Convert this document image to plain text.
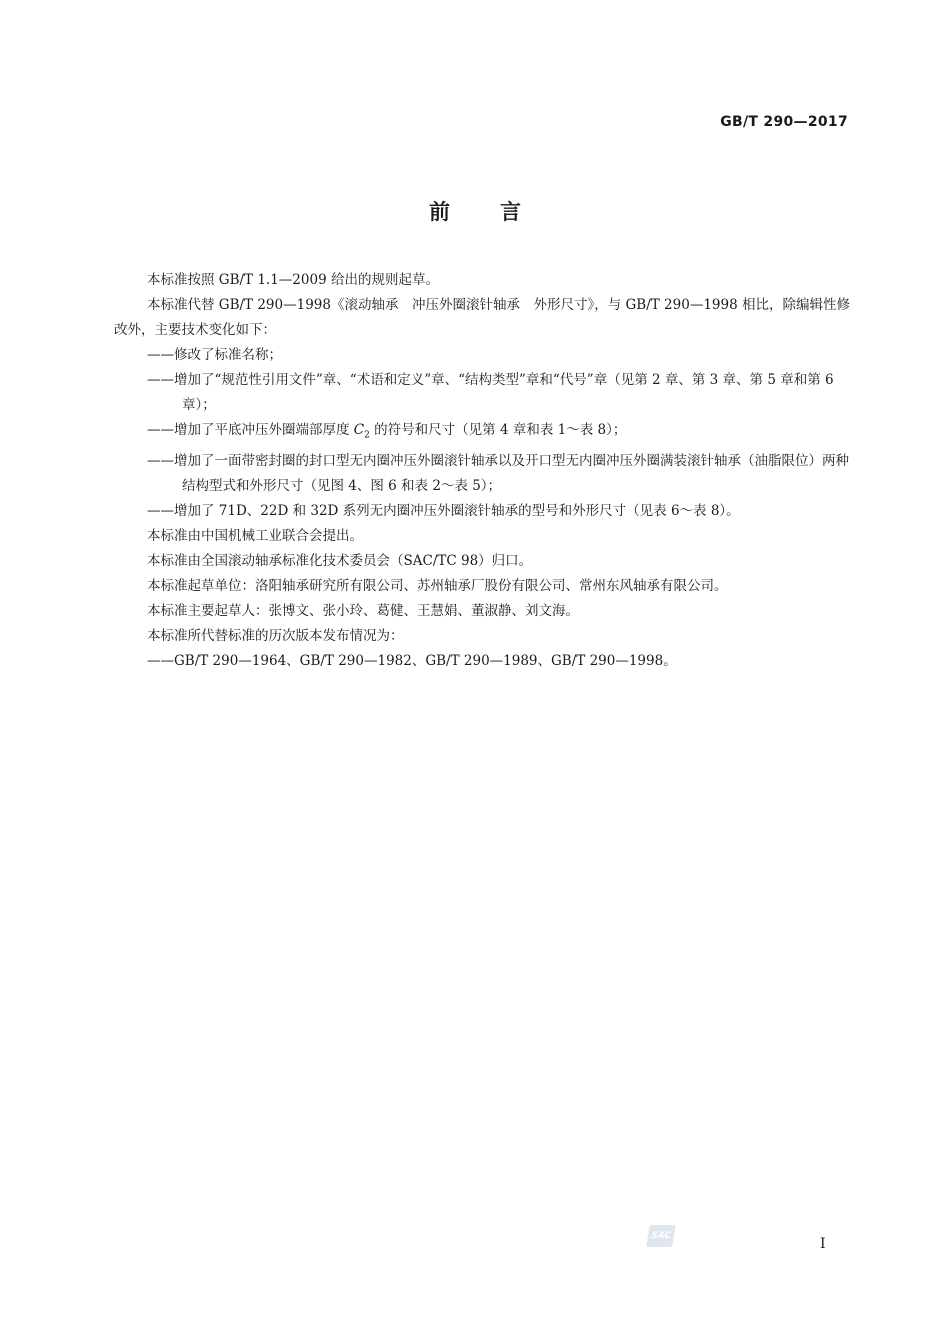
GB/T 290—2017
前言

本标准按照 GB/T 1.1—2009 给出的规则起草。

本标准代替 GB/T 290—1998《滚动轴承　冲压外圈滚针轴承　外形尺寸》，与 GB/T 290—1998 相比，除编辑性修改外，主要技术变化如下：

——修改了标准名称；

——增加了“规范性引用文件”章、“术语和定义”章、“结构类型”章和“代号”章（见第 2 章、第 3 章、第 5 章和第 6 章）；

——增加了平底冲压外圈端部厚度 $C_2$ 的符号和尺寸（见第 4 章和表 1～表 8）；

——增加了一面带密封圈的封口型无内圈冲压外圈滚针轴承以及开口型无内圈冲压外圈满装滚针轴承（油脂限位）两种结构型式和外形尺寸（见图 4、图 6 和表 2～表 5）；

——增加了 71D、22D 和 32D 系列无内圈冲压外圈滚针轴承的型号和外形尺寸（见表 6～表 8）。

本标准由中国机械工业联合会提出。

本标准由全国滚动轴承标准化技术委员会（SAC/TC 98）归口。

本标准起草单位：洛阳轴承研究所有限公司、苏州轴承厂股份有限公司、常州东风轴承有限公司。

本标准主要起草人：张博文、张小玲、葛健、王慧娟、董淑静、刘文海。

本标准所代替标准的历次版本发布情况为：

——GB/T 290—1964、GB/T 290—1982、GB/T 290—1989、GB/T 290—1998。

SAC	I
